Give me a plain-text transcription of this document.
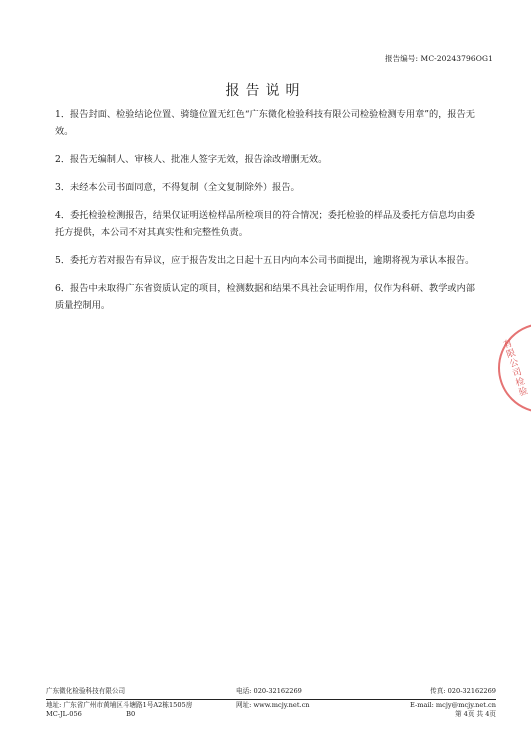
报告编号: MC-20243796OG1
报告说明

1．报告封面、检验结论位置、骑缝位置无红色“广东微化检验科技有限公司检验检测专用章”的，报告无效。

2．报告无编制人、审核人、批准人签字无效，报告涂改增删无效。

3．未经本公司书面同意，不得复制（全文复制除外）报告。

4．委托检验检测报告，结果仅证明送检样品所检项目的符合情况；委托检验的样品及委托方信息均由委托方提供，本公司不对其真实性和完整性负责。

5．委托方若对报告有异议，应于报告发出之日起十五日内向本公司书面提出，逾期将视为承认本报告。

6．报告中未取得广东省资质认定的项目，检测数据和结果不具社会证明作用，仅作为科研、教学或内部质量控制用。

有限公司检验
广东微化检验科技有限公司	电话: 020-32162269	传真: 020-32162269
地址: 广东省广州市黄埔区斗塘路1号A2栋1505房	网址: www.mcjy.net.cn	E-mail: mcjy@mcjy.net.cn
MC-JL-056	B0	第 4页 共 4页
